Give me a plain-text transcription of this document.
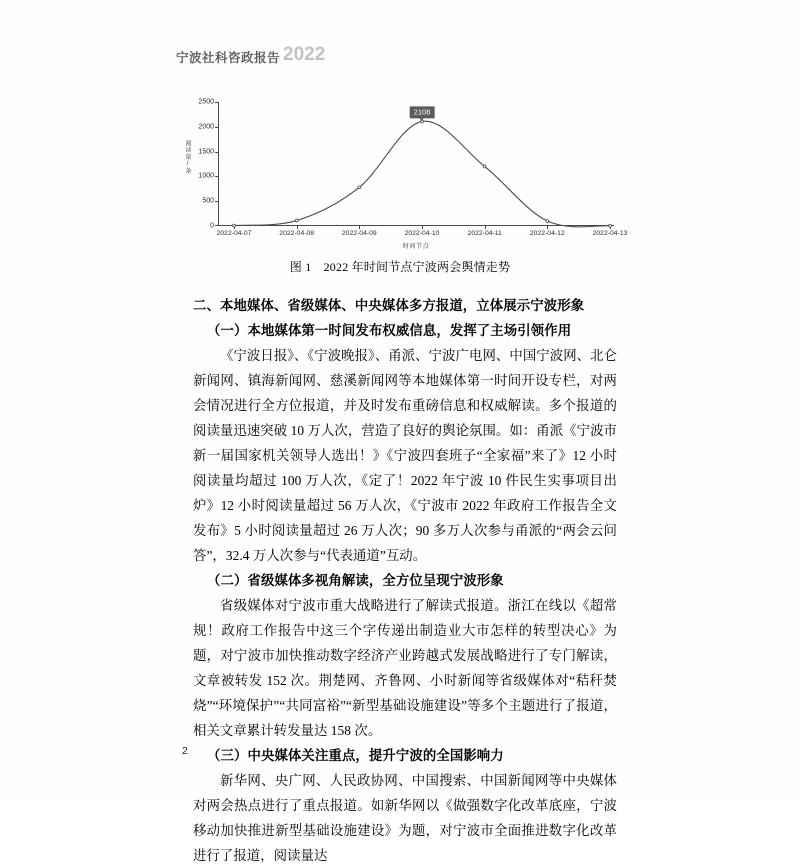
宁波社科咨政报告 2022
阅读量/条
2500
2000
1500
1000
500
0
2108
2022-04-07	2022-04-08	2022-04-09	2022-04-10	2022-04-11	2022-04-12	2022-04-13
时间节点
图 1　2022 年时间节点宁波两会舆情走势
二、本地媒体、省级媒体、中央媒体多方报道，立体展示宁波形象
（一）本地媒体第一时间发布权威信息，发挥了主场引领作用
《宁波日报》、《宁波晚报》、甬派、宁波广电网、中国宁波网、北仑新闻网、镇海新闻网、慈溪新闻网等本地媒体第一时间开设专栏，对两会情况进行全方位报道，并及时发布重磅信息和权威解读。多个报道的阅读量迅速突破 10 万人次，营造了良好的舆论氛围。如：甬派《宁波市新一届国家机关领导人选出！》《宁波四套班子“全家福”来了》12 小时阅读量均超过 100 万人次，《定了！2022 年宁波 10 件民生实事项目出炉》12 小时阅读量超过 56 万人次，《宁波市 2022 年政府工作报告全文发布》5 小时阅读量超过 26 万人次；90 多万人次参与甬派的“两会云问答”，32.4 万人次参与“代表通道”互动。
（二）省级媒体多视角解读，全方位呈现宁波形象
省级媒体对宁波市重大战略进行了解读式报道。浙江在线以《超常规！政府工作报告中这三个字传递出制造业大市怎样的转型决心》为题，对宁波市加快推动数字经济产业跨越式发展战略进行了专门解读，文章被转发 152 次。荆楚网、齐鲁网、小时新闻等省级媒体对“秸秆焚烧”“环境保护”“共同富裕”“新型基础设施建设”等多个主题进行了报道，相关文章累计转发量达 158 次。
（三）中央媒体关注重点，提升宁波的全国影响力
新华网、央广网、人民政协网、中国搜索、中国新闻网等中央媒体对两会热点进行了重点报道。如新华网以《做强数字化改革底座，宁波移动加快推进新型基础设施建设》为题，对宁波市全面推进数字化改革进行了报道，阅读量达
2
